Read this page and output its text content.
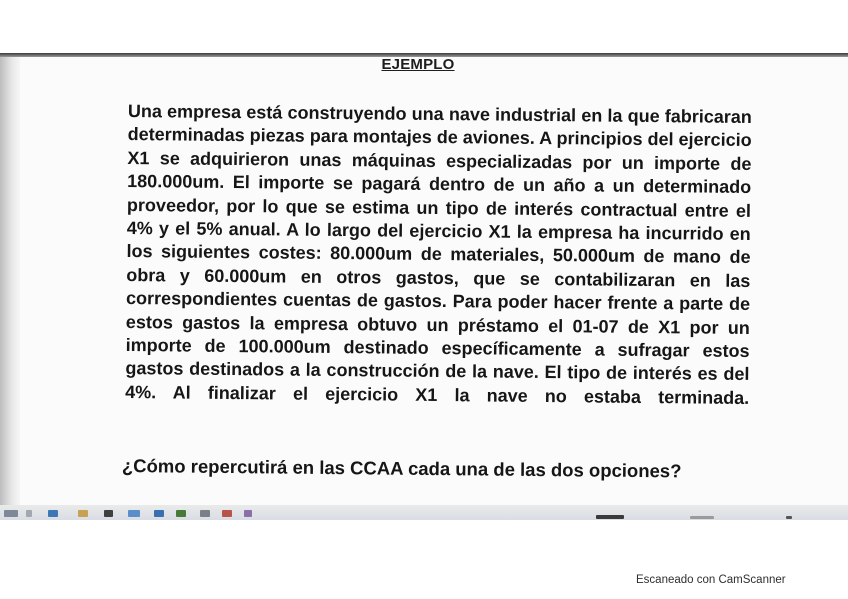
EJEMPLO
Una empresa está construyendo una nave industrial en la que fabricaran determinadas piezas para montajes de aviones. A principios del ejercicio X1 se adquirieron unas máquinas especializadas por un importe de 180.000um. El importe se pagará dentro de un año a un determinado proveedor, por lo que se estima un tipo de interés contractual entre el 4% y el 5% anual. A lo largo del ejercicio X1 la empresa ha incurrido en los siguientes costes: 80.000um de materiales, 50.000um de mano de obra y 60.000um en otros gastos, que se contabilizaran en las correspondientes cuentas de gastos. Para poder hacer frente a parte de estos gastos la empresa obtuvo un préstamo el 01-07 de X1 por un importe de 100.000um destinado específicamente a sufragar estos gastos destinados a la construcción de la nave. El tipo de interés es del 4%. Al finalizar el ejercicio X1 la nave no estaba terminada.
¿Cómo repercutirá en las CCAA cada una de las dos opciones?
Escaneado con CamScanner
